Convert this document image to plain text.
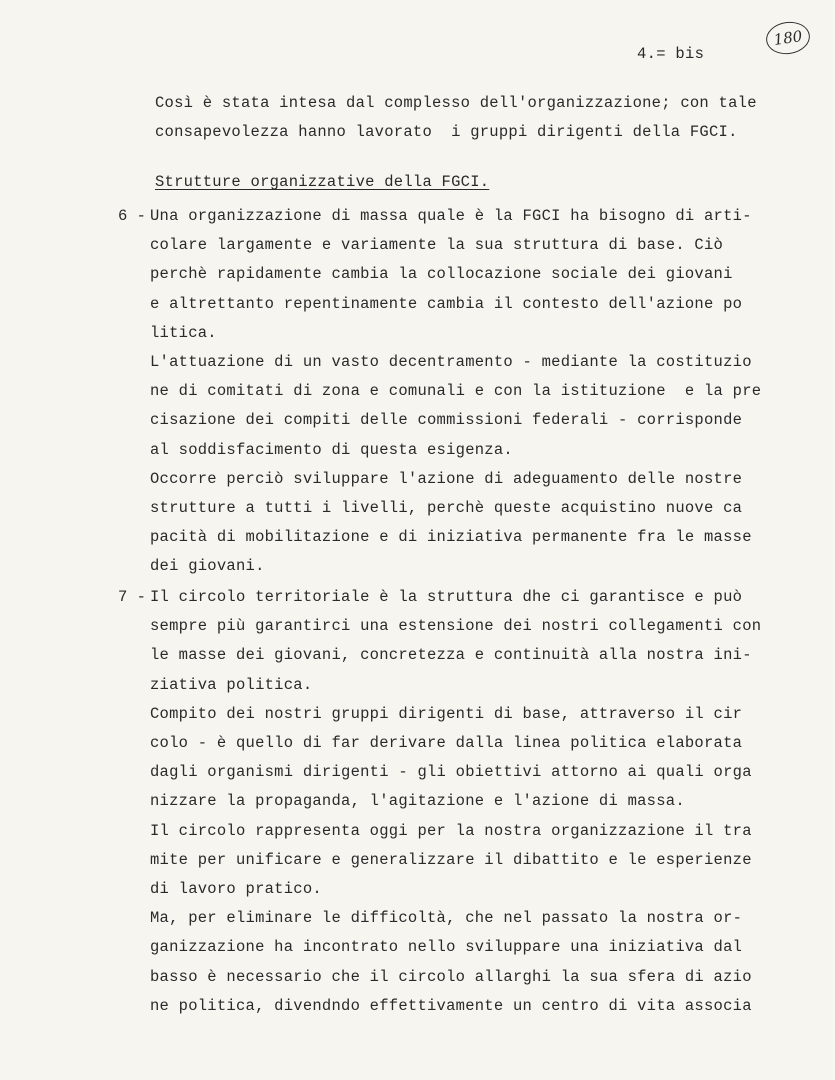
180
4.= bis
Così è stata intesa dal complesso dell'organizzazione; con tale
consapevolezza hanno lavorato  i gruppi dirigenti della FGCI.
Strutture organizzative della FGCI.
6 - Una organizzazione di massa quale è la FGCI ha bisogno di arti-
colare largamente e variamente la sua struttura di base. Ciò
perchè rapidamente cambia la collocazione sociale dei giovani
e altrettanto repentinamente cambia il contesto dell'azione po
litica.
L'attuazione di un vasto decentramento - mediante la costituzio
ne di comitati di zona e comunali e con la istituzione  e la pre
cisazione dei compiti delle commissioni federali - corrisponde
al soddisfacimento di questa esigenza.
Occorre perciò sviluppare l'azione di adeguamento delle nostre
strutture a tutti i livelli, perchè queste acquistino nuove ca
pacità di mobilitazione e di iniziativa permanente fra le masse
dei giovani.
7 - Il circolo territoriale è la struttura dhe ci garantisce e può
sempre più garantirci una estensione dei nostri collegamenti con
le masse dei giovani, concretezza e continuità alla nostra ini-
ziativa politica.
Compito dei nostri gruppi dirigenti di base, attraverso il cir
colo - è quello di far derivare dalla linea politica elaborata
dagli organismi dirigenti - gli obiettivi attorno ai quali orga
nizzare la propaganda, l'agitazione e l'azione di massa.
Il circolo rappresenta oggi per la nostra organizzazione il tra
mite per unificare e generalizzare il dibattito e le esperienze
di lavoro pratico.
Ma, per eliminare le difficoltà, che nel passato la nostra or-
ganizzazione ha incontrato nello sviluppare una iniziativa dal
basso è necessario che il circolo allarghi la sua sfera di azio
ne politica, divendndo effettivamente un centro di vita associa
